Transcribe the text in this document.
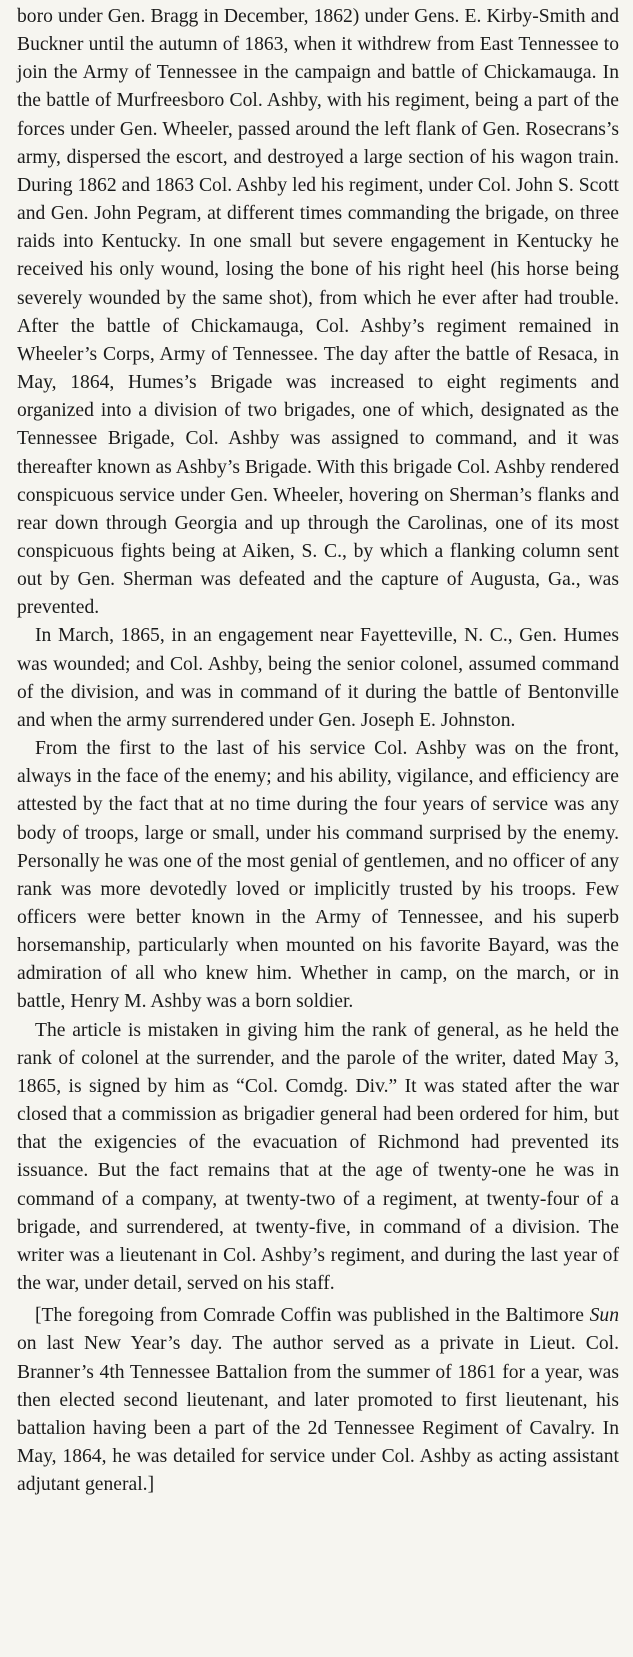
boro under Gen. Bragg in December, 1862) under Gens. E. Kirby-Smith and Buckner until the autumn of 1863, when it withdrew from East Tennessee to join the Army of Tennessee in the campaign and battle of Chickamauga. In the battle of Murfreesboro Col. Ashby, with his regiment, being a part of the forces under Gen. Wheeler, passed around the left flank of Gen. Rosecrans’s army, dispersed the escort, and destroyed a large section of his wagon train. During 1862 and 1863 Col. Ashby led his regiment, under Col. John S. Scott and Gen. John Pegram, at different times commanding the brigade, on three raids into Kentucky. In one small but severe engagement in Kentucky he received his only wound, losing the bone of his right heel (his horse being severely wounded by the same shot), from which he ever after had trouble. After the battle of Chickamauga, Col. Ashby’s regiment remained in Wheeler’s Corps, Army of Tennessee. The day after the battle of Resaca, in May, 1864, Humes’s Brigade was increased to eight regiments and organized into a division of two brigades, one of which, designated as the Tennessee Brigade, Col. Ashby was assigned to command, and it was thereafter known as Ashby’s Brigade. With this brigade Col. Ashby rendered conspicuous service under Gen. Wheeler, hovering on Sherman’s flanks and rear down through Georgia and up through the Carolinas, one of its most conspicuous fights being at Aiken, S. C., by which a flanking column sent out by Gen. Sherman was defeated and the capture of Augusta, Ga., was prevented.

In March, 1865, in an engagement near Fayetteville, N. C., Gen. Humes was wounded; and Col. Ashby, being the senior colonel, assumed command of the division, and was in command of it during the battle of Bentonville and when the army surrendered under Gen. Joseph E. Johnston.

From the first to the last of his service Col. Ashby was on the front, always in the face of the enemy; and his ability, vigilance, and efficiency are attested by the fact that at no time during the four years of service was any body of troops, large or small, under his command surprised by the enemy. Personally he was one of the most genial of gentlemen, and no officer of any rank was more devotedly loved or implicitly trusted by his troops. Few officers were better known in the Army of Tennessee, and his superb horsemanship, particularly when mounted on his favorite Bayard, was the admiration of all who knew him. Whether in camp, on the march, or in battle, Henry M. Ashby was a born soldier.

The article is mistaken in giving him the rank of general, as he held the rank of colonel at the surrender, and the parole of the writer, dated May 3, 1865, is signed by him as “Col. Comdg. Div.” It was stated after the war closed that a commission as brigadier general had been ordered for him, but that the exigencies of the evacuation of Richmond had prevented its issuance. But the fact remains that at the age of twenty-one he was in command of a company, at twenty-two of a regiment, at twenty-four of a brigade, and surrendered, at twenty-five, in command of a division. The writer was a lieutenant in Col. Ashby’s regiment, and during the last year of the war, under detail, served on his staff.

[The foregoing from Comrade Coffin was published in the Baltimore Sun on last New Year’s day. The author served as a private in Lieut. Col. Branner’s 4th Tennessee Battalion from the summer of 1861 for a year, was then elected second lieutenant, and later promoted to first lieutenant, his battalion having been a part of the 2d Tennessee Regiment of Cavalry. In May, 1864, he was detailed for service under Col. Ashby as acting assistant adjutant general.]
